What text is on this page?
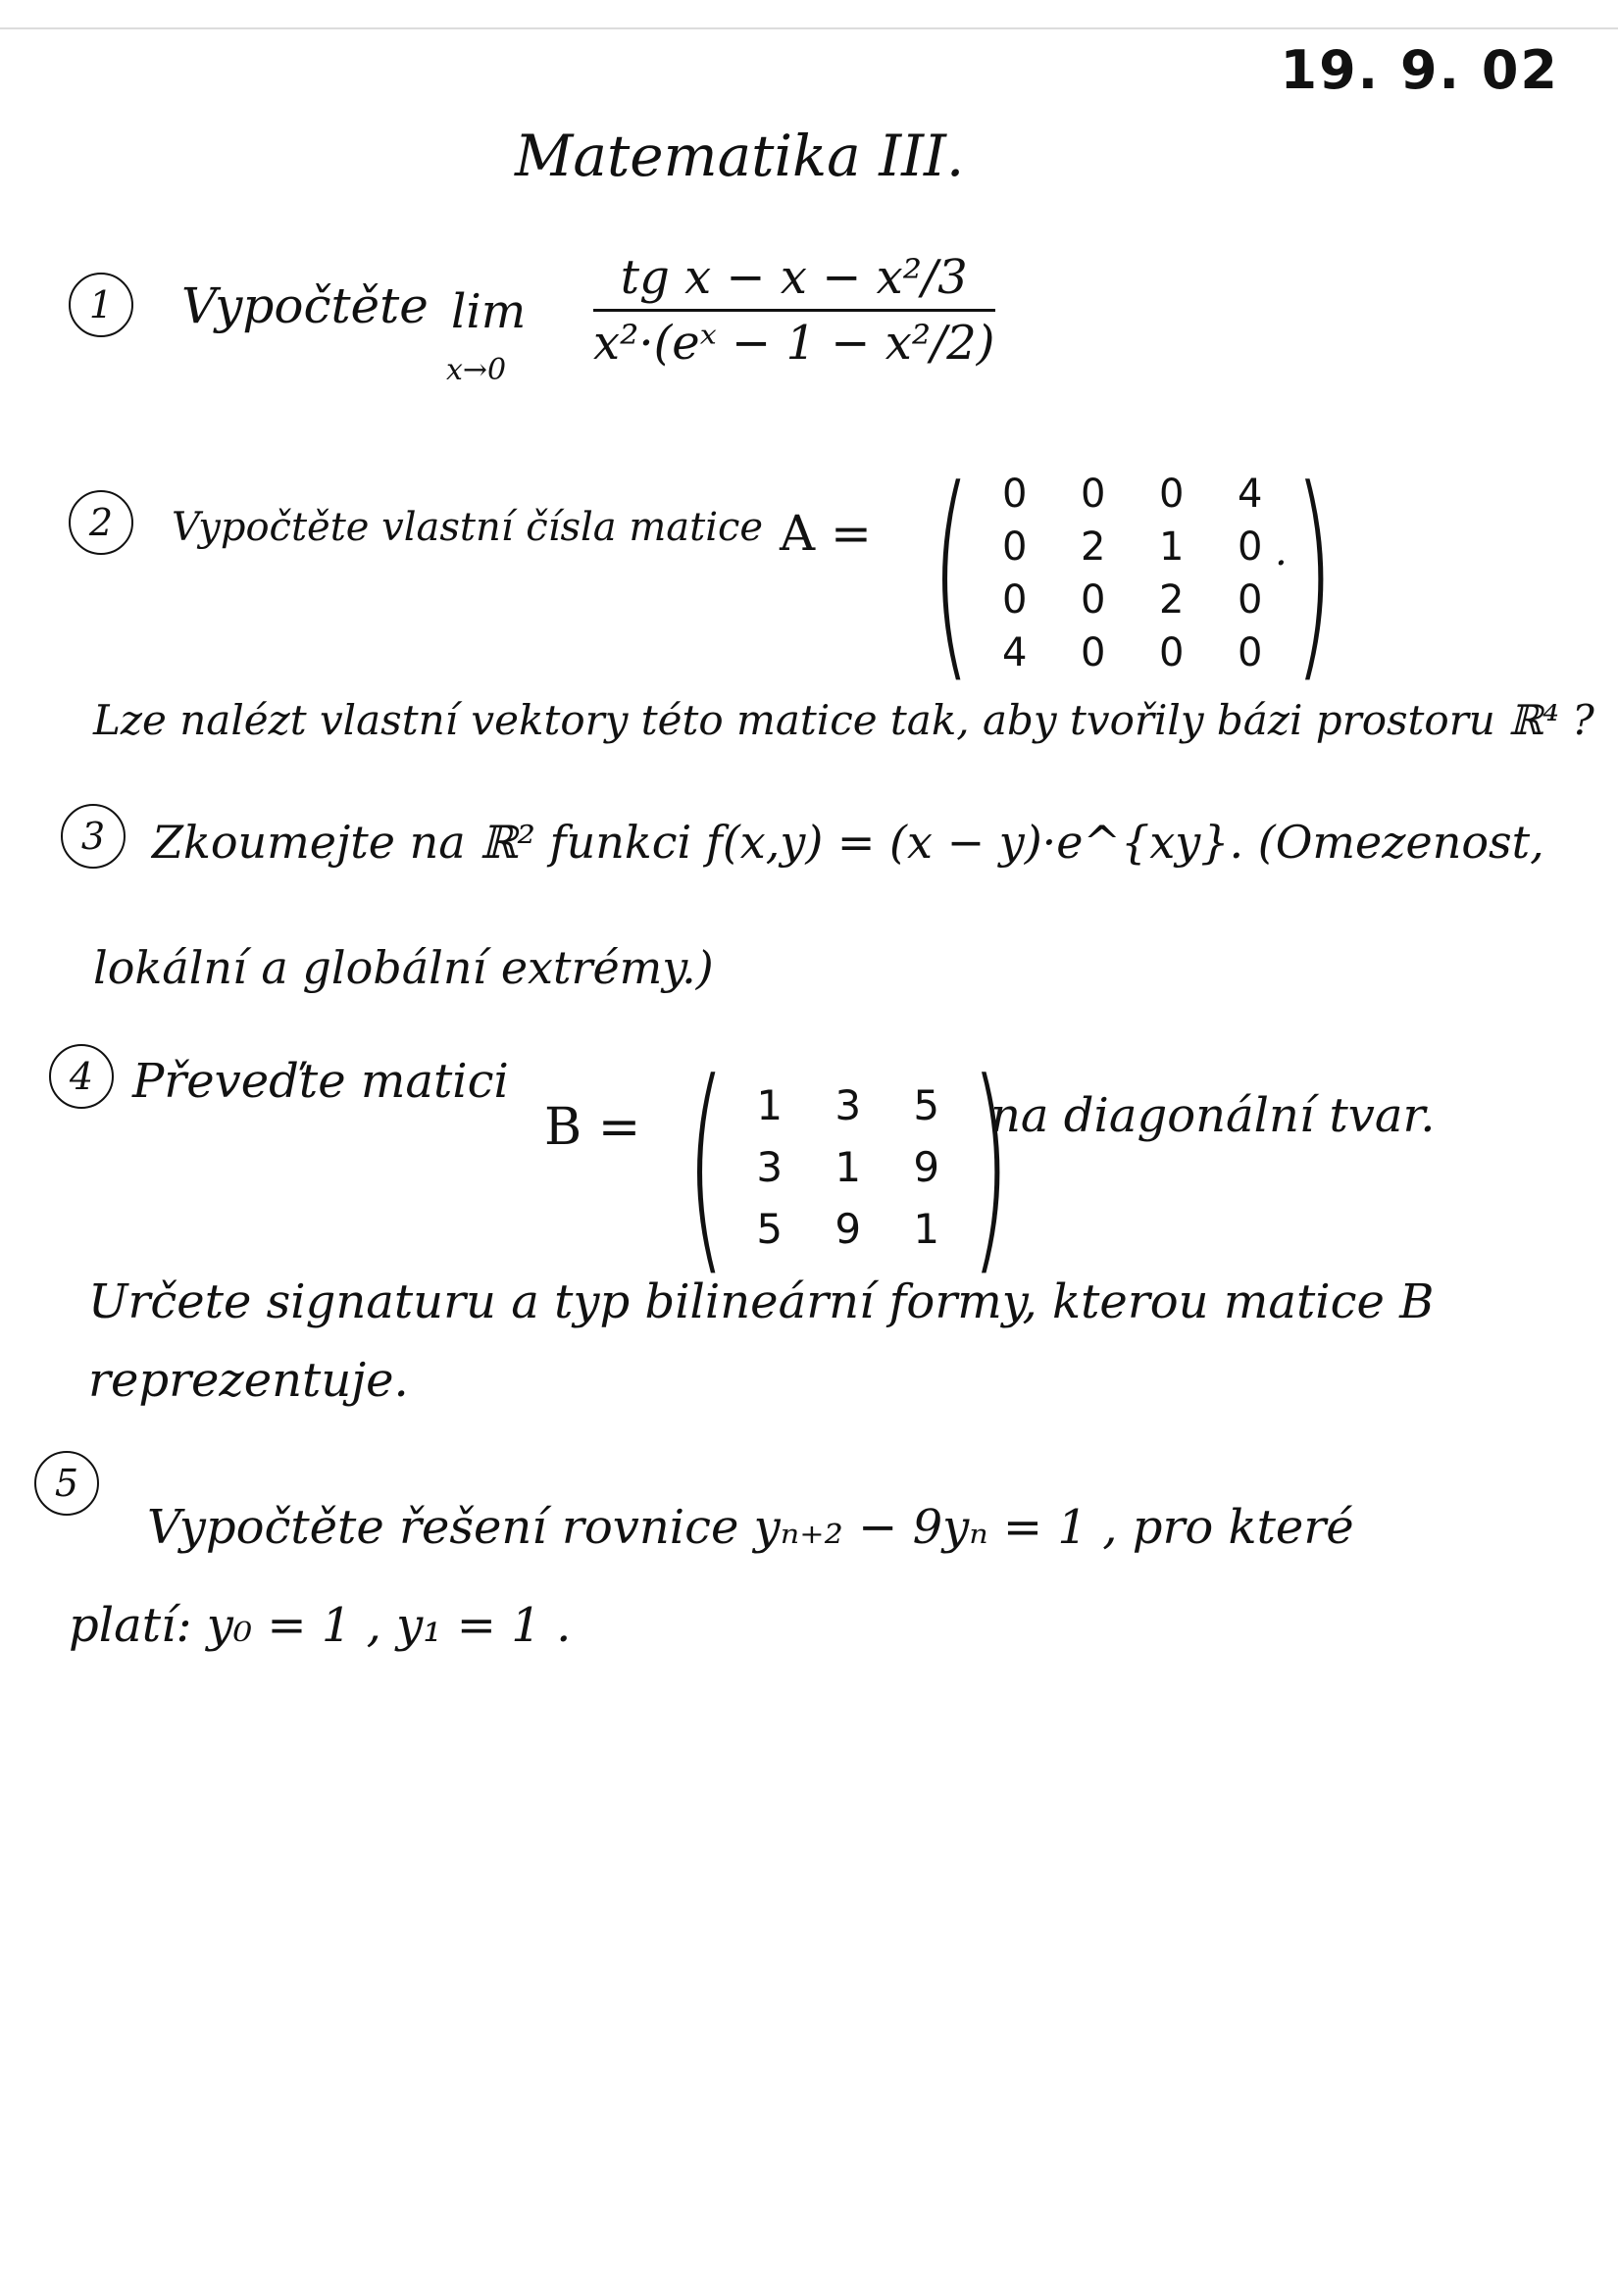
19. 9. 02
Matematika III.
1	Vypočtěte lim
x→0
tg x − x − x²/3
x²·(eˣ − 1 − x²/2)
2	Vypočtěte vlastní čísla matice A = ( 0 0 0 4
0 2 1 0
0 0 2 0
4 0 0 0 )
.
Lze nalézt vlastní vektory této matice tak, aby tvořily bázi prostoru ℝ⁴ ?
3	Zkoumejte na ℝ² funkci f(x,y) = (x − y)·e^{xy}. (Omezenost,
lokální a globální extrémy.)
4 Převeďte matici
B = ( 1 3 5
3 1 9
5 9 1 )
na diagonální tvar.
Určete signaturu a typ bilineární formy, kterou matice B
reprezentuje.
5
Vypočtěte řešení rovnice yₙ₊₂ − 9yₙ = 1 , pro které
platí: y₀ = 1 , y₁ = 1 .
